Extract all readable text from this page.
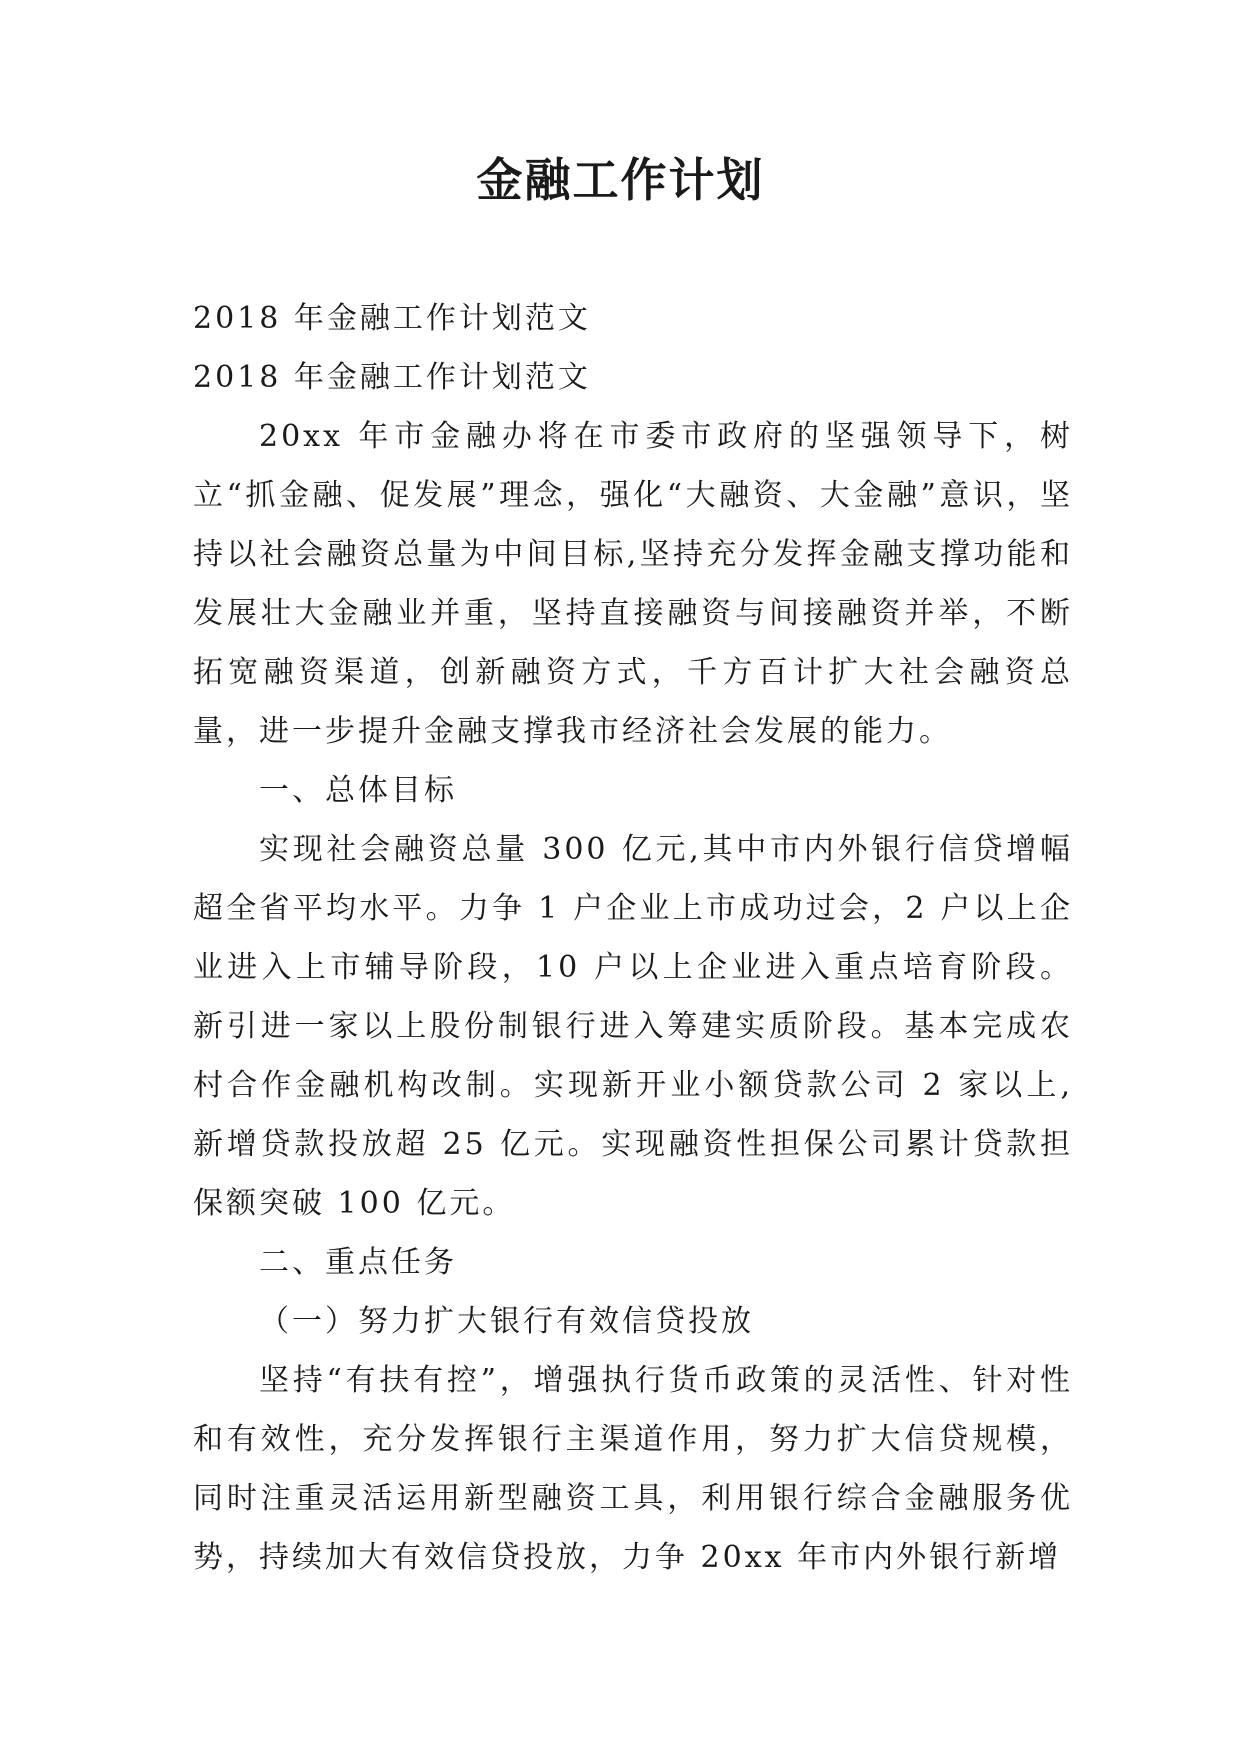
金融工作计划

2018 年金融工作计划范文

2018 年金融工作计划范文

20xx 年市金融办将在市委市政府的坚强领导下，树立“抓金融、促发展”理念，强化“大融资、大金融”意识，坚持以社会融资总量为中间目标,坚持充分发挥金融支撑功能和发展壮大金融业并重，坚持直接融资与间接融资并举，不断拓宽融资渠道，创新融资方式，千方百计扩大社会融资总量，进一步提升金融支撑我市经济社会发展的能力。

一、总体目标

实现社会融资总量 300 亿元,其中市内外银行信贷增幅超全省平均水平。力争 1 户企业上市成功过会，2 户以上企业进入上市辅导阶段，10 户以上企业进入重点培育阶段。新引进一家以上股份制银行进入筹建实质阶段。基本完成农村合作金融机构改制。实现新开业小额贷款公司 2 家以上,新增贷款投放超 25 亿元。实现融资性担保公司累计贷款担保额突破 100 亿元。

二、重点任务

（一）努力扩大银行有效信贷投放

坚持“有扶有控”，增强执行货币政策的灵活性、针对性和有效性，充分发挥银行主渠道作用，努力扩大信贷规模，同时注重灵活运用新型融资工具，利用银行综合金融服务优势，持续加大有效信贷投放，力争 20xx 年市内外银行新增
